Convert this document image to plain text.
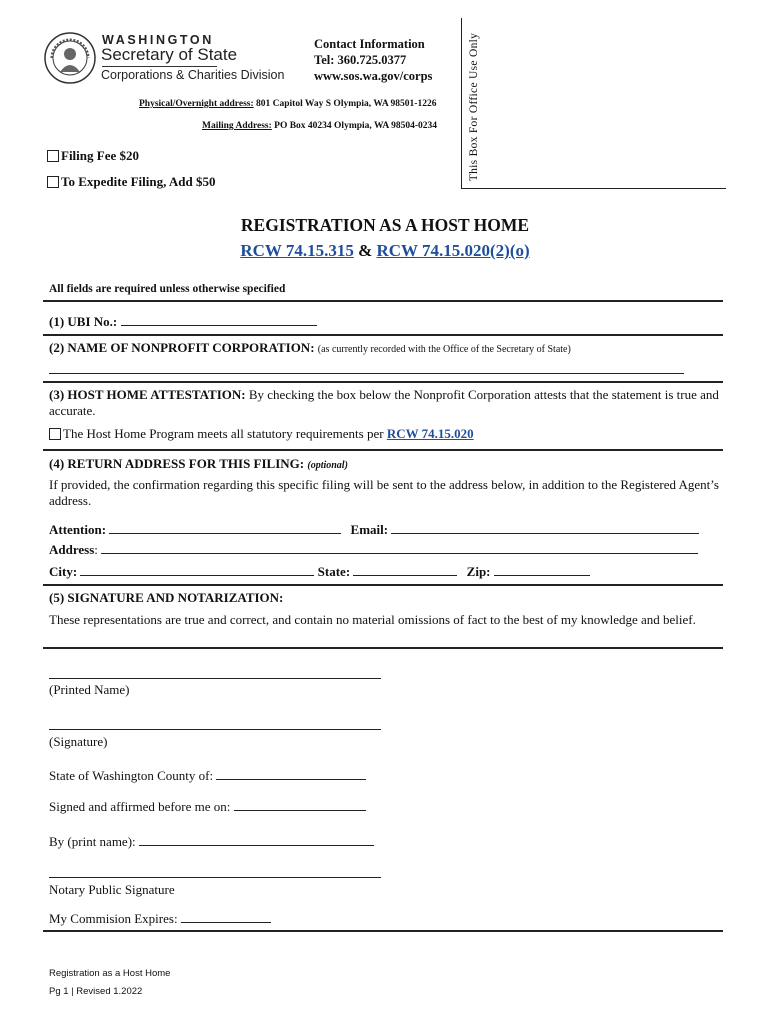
WASHINGTON
Secretary of State
Corporations & Charities Division
Contact Information
Tel: 360.725.0377
www.sos.wa.gov/corps
Physical/Overnight address: 801 Capitol Way S Olympia, WA 98501-1226
Mailing Address: PO Box 40234 Olympia, WA 98504-0234	This Box For Office Use Only
Filing Fee $20
To Expedite Filing, Add $50
REGISTRATION AS A HOST HOME
RCW 74.15.315 & RCW 74.15.020(2)(o)
All fields are required unless otherwise specified
(1) UBI No.:
(2) NAME OF NONPROFIT CORPORATION: (as currently recorded with the Office of the Secretary of State)
(3) HOST HOME ATTESTATION: By checking the box below the Nonprofit Corporation attests that the statement is true and accurate.
The Host Home Program meets all statutory requirements per RCW 74.15.020
(4) RETURN ADDRESS FOR THIS FILING: (optional)
If provided, the confirmation regarding this specific filing will be sent to the address below, in addition to the Registered Agent’s address.
Attention:	Email:
Address:
City:	State:	Zip:
(5) SIGNATURE AND NOTARIZATION:
These representations are true and correct, and contain no material omissions of fact to the best of my knowledge and belief.
(Printed Name)
(Signature)
State of Washington County of:
Signed and affirmed before me on:
By (print name):
Notary Public Signature
My Commision Expires:
Registration as a Host Home
Pg 1 | Revised 1.2022
